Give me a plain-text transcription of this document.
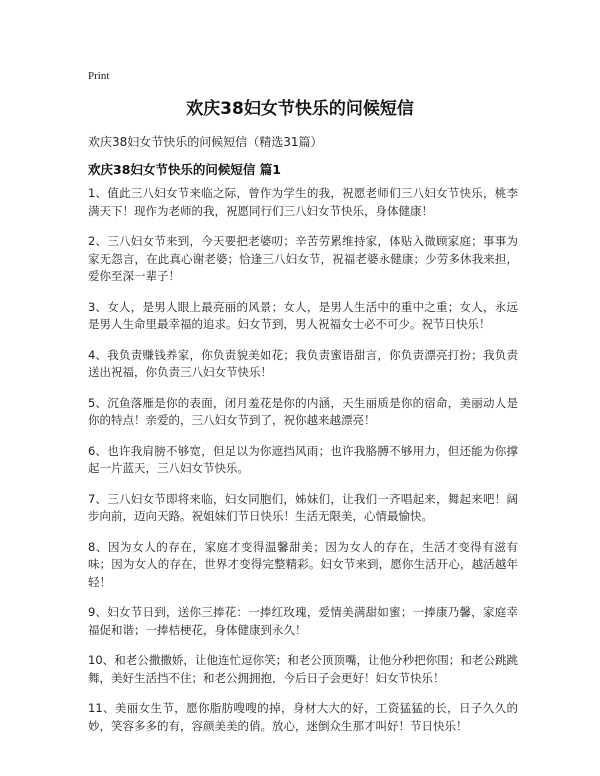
Print
欢庆38妇女节快乐的问候短信
欢庆38妇女节快乐的问候短信（精选31篇）
欢庆38妇女节快乐的问候短信 篇1

1、值此三八妇女节来临之际，曾作为学生的我，祝愿老师们三八妇女节快乐，桃李满天下！现作为老师的我，祝愿同行们三八妇女节快乐，身体健康！

2、三八妇女节来到，今天要把老婆叨；辛苦劳累维持家，体贴入微顾家庭；事事为家无怨言，在此真心谢老婆；恰逢三八妇女节，祝福老婆永健康；少劳多休我来担，爱你至深一辈子！

3、女人，是男人眼上最亮丽的风景；女人，是男人生活中的重中之重；女人，永远是男人生命里最幸福的追求。妇女节到，男人祝福女士必不可少。祝节日快乐！

4、我负责赚钱养家，你负责貌美如花；我负责蜜语甜言，你负责漂亮打扮；我负责送出祝福，你负责三八妇女节快乐！

5、沉鱼落雁是你的表面，闭月羞花是你的内涵，天生丽质是你的宿命，美丽动人是你的特点！亲爱的，三八妇女节到了，祝你越来越漂亮！

6、也许我肩膀不够宽，但足以为你遮挡风雨；也许我胳膊不够用力，但还能为你撑起一片蓝天，三八妇女节快乐。

7、三八妇女节即将来临，妇女同胞们，姊妹们，让我们一齐唱起来，舞起来吧！阔步向前，迈向天路。祝姐妹们节日快乐！生活无限美，心情最愉快。

8、因为女人的存在，家庭才变得温馨甜美；因为女人的存在，生活才变得有滋有味；因为女人的存在，世界才变得完整精彩。妇女节来到，愿你生活开心，越活越年轻！

9、妇女节日到，送你三捧花：一捧红玫瑰，爱情美满甜如蜜；一捧康乃馨，家庭幸福促和谐；一捧桔梗花，身体健康到永久！

10、和老公撒撒娇，让他连忙逗你笑；和老公顶顶嘴，让他分秒把你围；和老公跳跳舞，美好生活挡不住；和老公拥拥抱，今后日子会更好！妇女节快乐！

11、美丽女生节，愿你脂肪嗖嗖的掉，身材大大的好，工资猛猛的长，日子久久的妙，笑容多多的有，容颜美美的俏。放心，迷倒众生那才叫好！节日快乐！
